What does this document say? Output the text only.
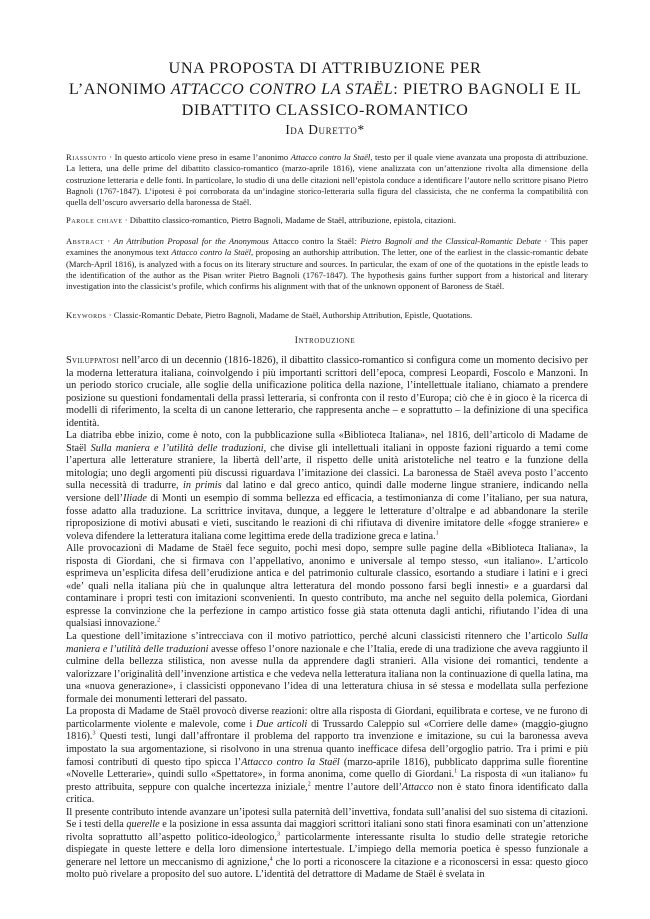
UNA PROPOSTA DI ATTRIBUZIONE PER
L’ANONIMO ATTACCO CONTRO LA STAËL: PIETRO BAGNOLI E IL
DIBATTITO CLASSICO-ROMANTICO
Ida Duretto*
Riassunto · In questo articolo viene preso in esame l’anonimo Attacco contro la Staël, testo per il quale viene avanzata una proposta di attribuzione. La lettera, una delle prime del dibattito classico-romantico (marzo-aprile 1816), viene analizzata con un’attenzione rivolta alla dimensione della costruzione letteraria e delle fonti. In particolare, lo studio di una delle citazioni nell’epistola conduce a identificare l’autore nello scrittore pisano Pietro Bagnoli (1767-1847). L’ipotesi è poi corroborata da un’indagine storico-letteraria sulla figura del classicista, che ne conferma la compatibilità con quella dell’oscuro avversario della baronessa de Staël.
Parole chiave · Dibattito classico-romantico, Pietro Bagnoli, Madame de Staël, attribuzione, epistola, citazioni.
Abstract · An Attribution Proposal for the Anonymous Attacco contro la Staël: Pietro Bagnoli and the Classical-Romantic Debate · This paper examines the anonymous text Attacco contro la Staël, proposing an authorship attribution. The letter, one of the earliest in the classic-romantic debate (March-April 1816), is analyzed with a focus on its literary structure and sources. In particular, the exam of one of the quotations in the epistle leads to the identification of the author as the Pisan writer Pietro Bagnoli (1767-1847). The hypothesis gains further support from a historical and literary investigation into the classicist’s profile, which confirms his alignment with that of the unknown opponent of Baroness de Staël.
Keywords · Classic-Romantic Debate, Pietro Bagnoli, Madame de Staël, Authorship Attribution, Epistle, Quotations.
Introduzione

Sviluppatosi nell’arco di un decennio (1816-1826), il dibattito classico-romantico si configura come un momento decisivo per la moderna letteratura italiana, coinvolgendo i più importanti scrittori dell’epoca, compresi Leopardi, Foscolo e Manzoni. In un periodo storico cruciale, alle soglie della unificazione politica della nazione, l’intellettuale italiano, chiamato a prendere posizione su questioni fondamentali della prassi letteraria, si confronta con il resto d’Europa; ciò che è in gioco è la ricerca di modelli di riferimento, la scelta di un canone letterario, che rappresenta anche – e soprattutto – la definizione di una specifica identità.

La diatriba ebbe inizio, come è noto, con la pubblicazione sulla «Biblioteca Italiana», nel 1816, dell’articolo di Madame de Staël Sulla maniera e l’utilità delle traduzioni, che divise gli intellettuali italiani in opposte fazioni riguardo a temi come l’apertura alle letterature straniere, la libertà dell’arte, il rispetto delle unità aristoteliche nel teatro e la funzione della mitologia; uno degli argomenti più discussi riguardava l’imitazione dei classici. La baronessa de Staël aveva posto l’accento sulla necessità di tradurre, in primis dal latino e dal greco antico, quindi dalle moderne lingue straniere, indicando nella versione dell’Iliade di Monti un esempio di somma bellezza ed efficacia, a testimonianza di come l’italiano, per sua natura, fosse adatto alla traduzione. La scrittrice invitava, dunque, a leggere le letterature d’oltralpe e ad abbandonare la sterile riproposizione di motivi abusati e vieti, suscitando le reazioni di chi rifiutava di divenire imitatore delle «fogge straniere» e voleva difendere la letteratura italiana come legittima erede della tradizione greca e latina.$^1$

Alle provocazioni di Madame de Staël fece seguito, pochi mesi dopo, sempre sulle pagine della «Biblioteca Italiana», la risposta di Giordani, che si firmava con l’appellativo, anonimo e universale al tempo stesso, «un italiano». L’articolo esprimeva un’esplicita difesa dell’erudizione antica e del patrimonio culturale classico, esortando a studiare i latini e i greci «de’ quali nella italiana più che in qualunque altra letteratura del mondo possono farsi begli innesti» e a guardarsi dal contaminare i propri testi con imitazioni sconvenienti. In questo contributo, ma anche nel seguito della polemica, Giordani espresse la convinzione che la perfezione in campo artistico fosse già stata ottenuta dagli antichi, rifiutando l’idea di una qualsiasi innovazione.$^2$

La questione dell’imitazione s’intrecciava con il motivo patriottico, perché alcuni classicisti ritennero che l’articolo Sulla maniera e l’utilità delle traduzioni avesse offeso l’onore nazionale e che l’Italia, erede di una tradizione che aveva raggiunto il culmine della bellezza stilistica, non avesse nulla da apprendere dagli stranieri. Alla visione dei romantici, tendente a valorizzare l’originalità dell’invenzione artistica e che vedeva nella letteratura italiana non la continuazione di quella latina, ma una «nuova generazione», i classicisti opponevano l’idea di una letteratura chiusa in sé stessa e modellata sulla perfezione formale dei monumenti letterari del passato.

La proposta di Madame de Staël provocò diverse reazioni: oltre alla risposta di Giordani, equilibrata e cortese, ve ne furono di particolarmente violente e malevole, come i Due articoli di Trussardo Caleppio sul «Corriere delle dame» (maggio-giugno 1816).$^3$ Questi testi, lungi dall’affrontare il problema del rapporto tra invenzione e imitazione, su cui la baronessa aveva impostato la sua argomentazione, si risolvono in una strenua quanto inefficace difesa dell’orgoglio patrio. Tra i primi e più famosi contributi di questo tipo spicca l’Attacco contro la Staël (marzo-aprile 1816), pubblicato dapprima sulle fiorentine «Novelle Letterarie», quindi sullo «Spettatore», in forma anonima, come quello di Giordani.$^1$ La risposta di «un italiano» fu presto attribuita, seppure con qualche incertezza iniziale,$^2$ mentre l’autore dell’Attacco non è stato finora identificato dalla critica.

Il presente contributo intende avanzare un’ipotesi sulla paternità dell’invettiva, fondata sull’analisi del suo sistema di citazioni. Se i testi della querelle e la posizione in essa assunta dai maggiori scrittori italiani sono stati finora esaminati con un’attenzione rivolta soprattutto all’aspetto politico-ideologico,$^3$ particolarmente interessante risulta lo studio delle strategie retoriche dispiegate in queste lettere e della loro dimensione intertestuale. L’impiego della memoria poetica è spesso funzionale a generare nel lettore un meccanismo di agnizione,$^4$ che lo porti a riconoscere la citazione e a riconoscersi in essa: questo gioco molto può rivelare a proposito del suo autore. L’identità del detrattore di Madame de Staël è svelata in
